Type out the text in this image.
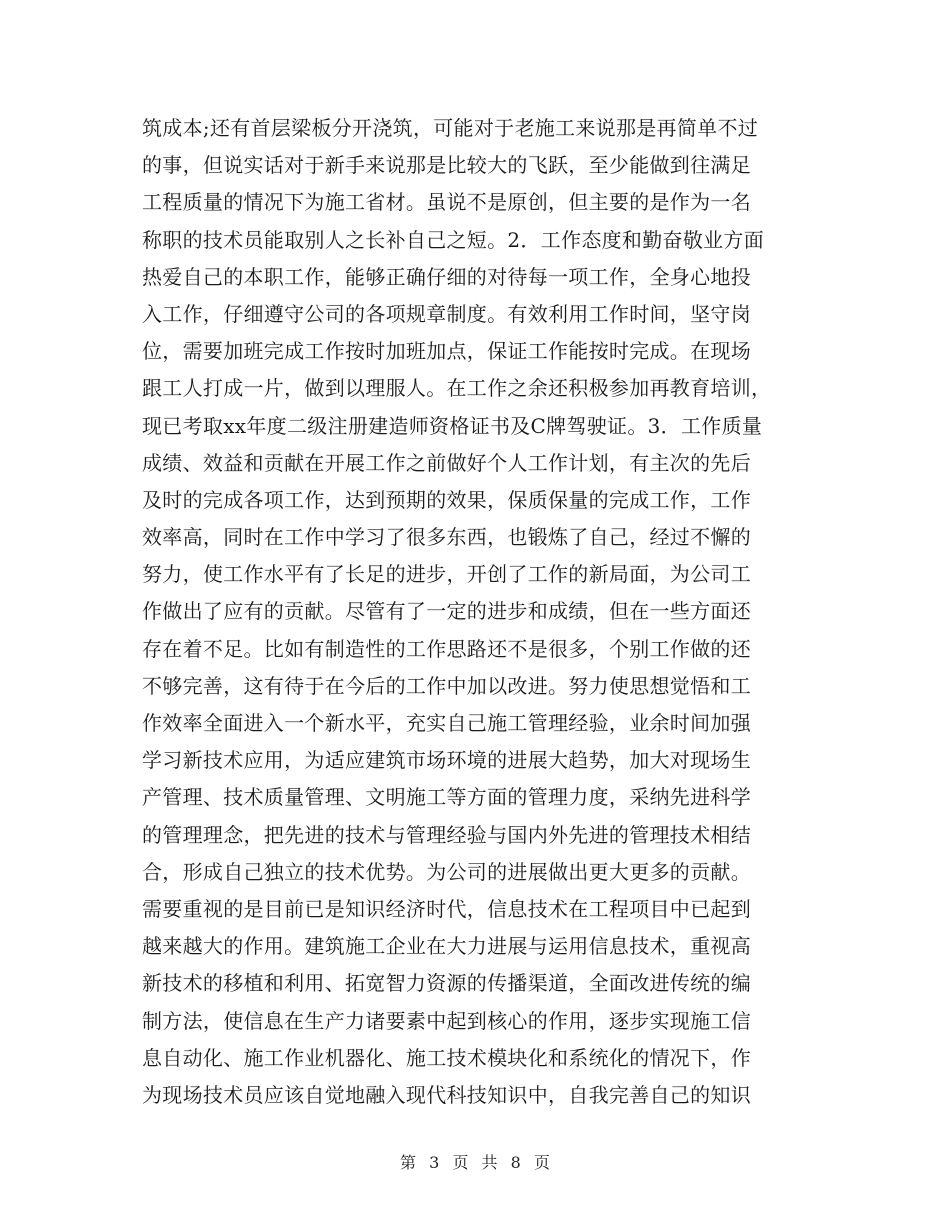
筑成本;还有首层梁板分开浇筑，可能对于老施工来说那是再简单不过
的事，但说实话对于新手来说那是比较大的飞跃，至少能做到往满足
工程质量的情况下为施工省材。虽说不是原创，但主要的是作为一名
称职的技术员能取别人之长补自己之短。2．工作态度和勤奋敬业方面
热爱自己的本职工作，能够正确仔细的对待每一项工作，全身心地投
入工作，仔细遵守公司的各项规章制度。有效利用工作时间，坚守岗
位，需要加班完成工作按时加班加点，保证工作能按时完成。在现场
跟工人打成一片，做到以理服人。在工作之余还积极参加再教育培训，
现已考取xx年度二级注册建造师资格证书及C牌驾驶证。3．工作质量
成绩、效益和贡献在开展工作之前做好个人工作计划，有主次的先后
及时的完成各项工作，达到预期的效果，保质保量的完成工作，工作
效率高，同时在工作中学习了很多东西，也锻炼了自己，经过不懈的
努力，使工作水平有了长足的进步，开创了工作的新局面，为公司工
作做出了应有的贡献。尽管有了一定的进步和成绩，但在一些方面还
存在着不足。比如有制造性的工作思路还不是很多，个别工作做的还
不够完善，这有待于在今后的工作中加以改进。努力使思想觉悟和工
作效率全面进入一个新水平，充实自己施工管理经验，业余时间加强
学习新技术应用，为适应建筑市场环境的进展大趋势，加大对现场生
产管理、技术质量管理、文明施工等方面的管理力度，采纳先进科学
的管理理念，把先进的技术与管理经验与国内外先进的管理技术相结
合，形成自己独立的技术优势。为公司的进展做出更大更多的贡献。
需要重视的是目前已是知识经济时代，信息技术在工程项目中已起到
越来越大的作用。建筑施工企业在大力进展与运用信息技术，重视高
新技术的移植和利用、拓宽智力资源的传播渠道，全面改进传统的编
制方法，使信息在生产力诸要素中起到核心的作用，逐步实现施工信
息自动化、施工作业机器化、施工技术模块化和系统化的情况下，作
为现场技术员应该自觉地融入现代科技知识中，自我完善自己的知识
第 3 页 共 8 页
